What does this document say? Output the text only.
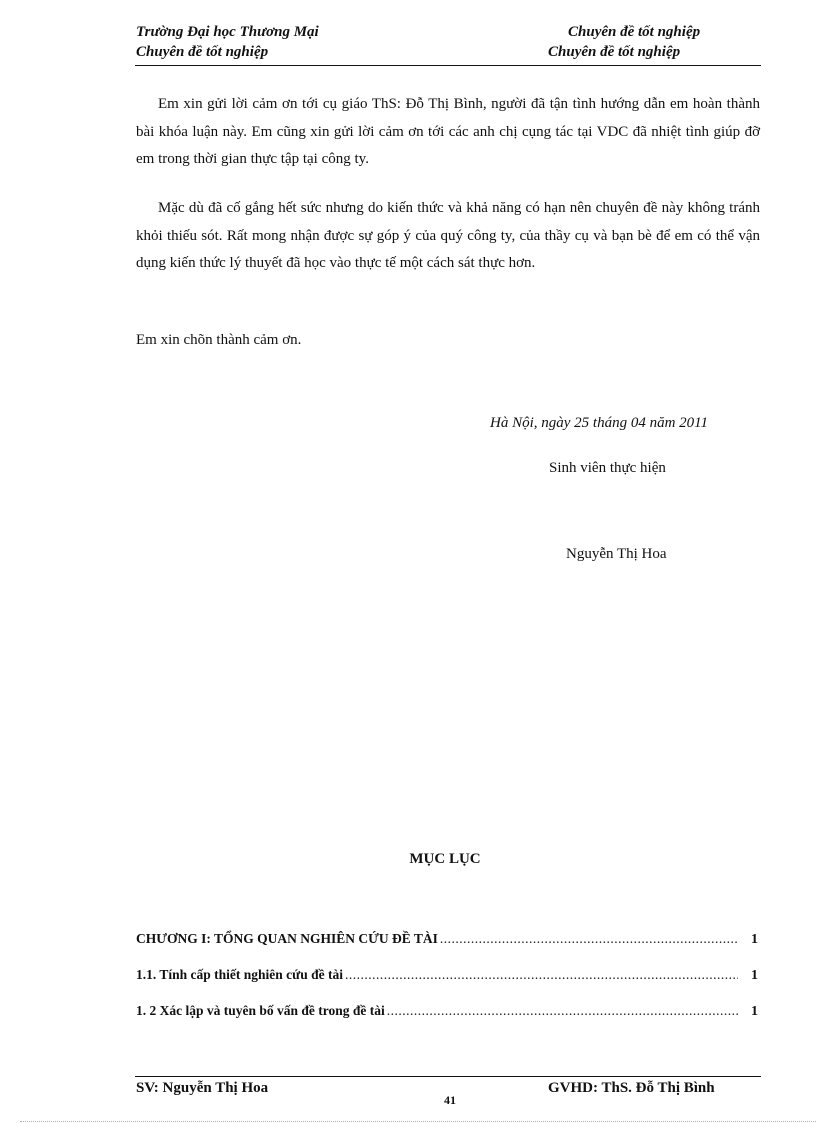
Trường Đại học Thương Mại
Chuyên đề tốt nghiệp
Chuyên đề tốt nghiệp
Chuyên đề tốt nghiệp

Em xin gửi lời cảm ơn tới cụ giáo ThS: Đỗ Thị Bình, người đã tận tình hướng dẫn em hoàn thành bài khóa luận này. Em cũng xin gửi lời cảm ơn tới các anh chị cụng tác tại VDC đã nhiệt tình giúp đỡ em trong thời gian thực tập tại công ty.

Mặc dù đã cố gắng hết sức nhưng do kiến thức và khả năng có hạn nên chuyên đề này không tránh khỏi thiếu sót. Rất mong nhận được sự góp ý của quý công ty, của thầy cụ và bạn bè để em có thể vận dụng kiến thức lý thuyết đã học vào thực tế một cách sát thực hơn.

Em xin chõn thành cảm ơn.

Hà Nội, ngày 25 tháng 04 năm 2011
Sinh viên thực hiện
Nguyễn Thị Hoa
MỤC LỤC
CHƯƠNG I: TỔNG QUAN NGHIÊN CỨU ĐỀ TÀI .....	1
1.1. Tính cấp thiết nghiên cứu đề tài .....	1
1. 2 Xác lập và tuyên bố vấn đề trong đề tài .....	1
SV: Nguyễn Thị Hoa
41
GVHD: ThS. Đỗ Thị Bình
